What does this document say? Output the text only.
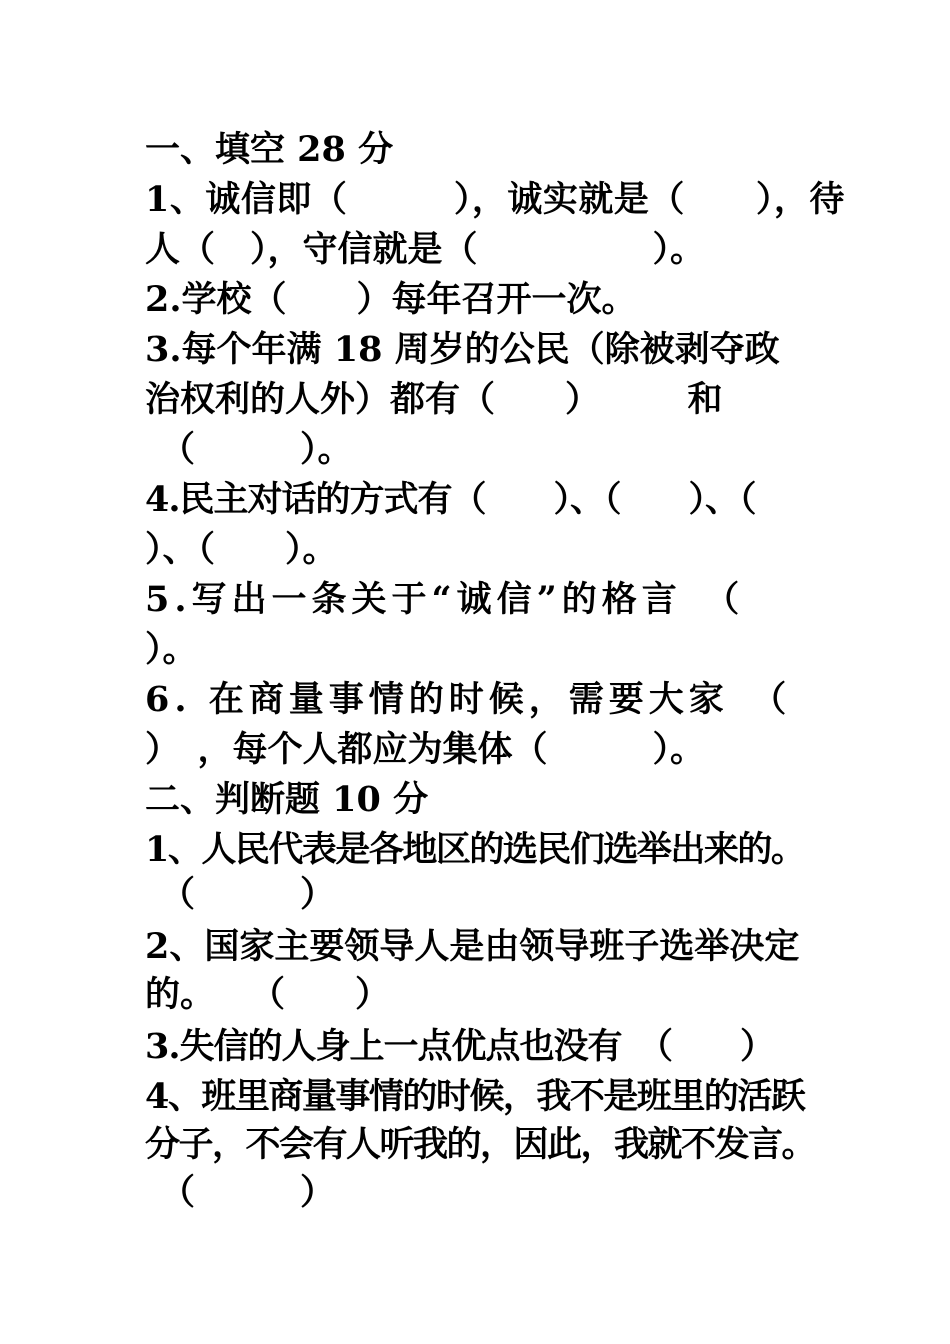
一、填空 28 分
1、诚信即（　　　），诚实就是（　　），待
人（　），守信就是（　　　　　）。
2.学校（　　）每年召开一次。
3.每个年满 18 周岁的公民（除被剥夺政
治权利的人外）都有（　　）　　　和
（　　　）。
4.民主对话的方式有（　　）、（　　）、（
）、（　　）。
5.写出一条关于“诚信”的格言　（
）。
6. 在商量事情的时候，需要大家　（
）　，每个人都应为集体（　　　）。
二、判断题 10 分
1、人民代表是各地区的选民们选举出来的。
（　　　）
2、国家主要领导人是由领导班子选举决定
的。　　（　　）
3.失信的人身上一点优点也没有　（　　）
4、班里商量事情的时候，我不是班里的活跃
分子，不会有人听我的，因此，我就不发言。
（　　　）
